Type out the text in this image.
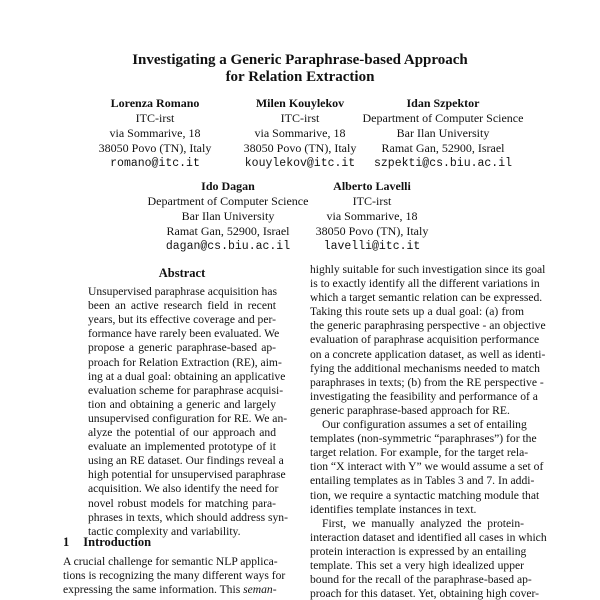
Investigating a Generic Paraphrase-based Approach
for Relation Extraction
Lorenza Romano
ITC-irst
via Sommarive, 18
38050 Povo (TN), Italy
romano@itc.it
Milen Kouylekov
ITC-irst
via Sommarive, 18
38050 Povo (TN), Italy
kouylekov@itc.it
Idan Szpektor
Department of Computer Science
Bar Ilan University
Ramat Gan, 52900, Israel
szpekti@cs.biu.ac.il
Ido Dagan
Department of Computer Science
Bar Ilan University
Ramat Gan, 52900, Israel
dagan@cs.biu.ac.il
Alberto Lavelli
ITC-irst
via Sommarive, 18
38050 Povo (TN), Italy
lavelli@itc.it
Abstract
Unsupervised paraphrase acquisition has
been an active research field in recent
years, but its effective coverage and per-
formance have rarely been evaluated. We
propose a generic paraphrase-based ap-
proach for Relation Extraction (RE), aim-
ing at a dual goal: obtaining an applicative
evaluation scheme for paraphrase acquisi-
tion and obtaining a generic and largely
unsupervised configuration for RE. We an-
alyze the potential of our approach and
evaluate an implemented prototype of it
using an RE dataset. Our findings reveal a
high potential for unsupervised paraphrase
acquisition. We also identify the need for
novel robust models for matching para-
phrases in texts, which should address syn-
tactic complexity and variability.
1 Introduction
A crucial challenge for semantic NLP applica-
tions is recognizing the many different ways for
expressing the same information. This seman-
highly suitable for such investigation since its goal
is to exactly identify all the different variations in
which a target semantic relation can be expressed.
Taking this route sets up a dual goal: (a) from
the generic paraphrasing perspective - an objective
evaluation of paraphrase acquisition performance
on a concrete application dataset, as well as identi-
fying the additional mechanisms needed to match
paraphrases in texts; (b) from the RE perspective -
investigating the feasibility and performance of a
generic paraphrase-based approach for RE.
Our configuration assumes a set of entailing
templates (non-symmetric “paraphrases”) for the
target relation. For example, for the target rela-
tion “X interact with Y” we would assume a set of
entailing templates as in Tables 3 and 7. In addi-
tion, we require a syntactic matching module that
identifies template instances in text.
First, we manually analyzed the protein-
interaction dataset and identified all cases in which
protein interaction is expressed by an entailing
template. This set a very high idealized upper
bound for the recall of the paraphrase-based ap-
proach for this dataset. Yet, obtaining high cover-
